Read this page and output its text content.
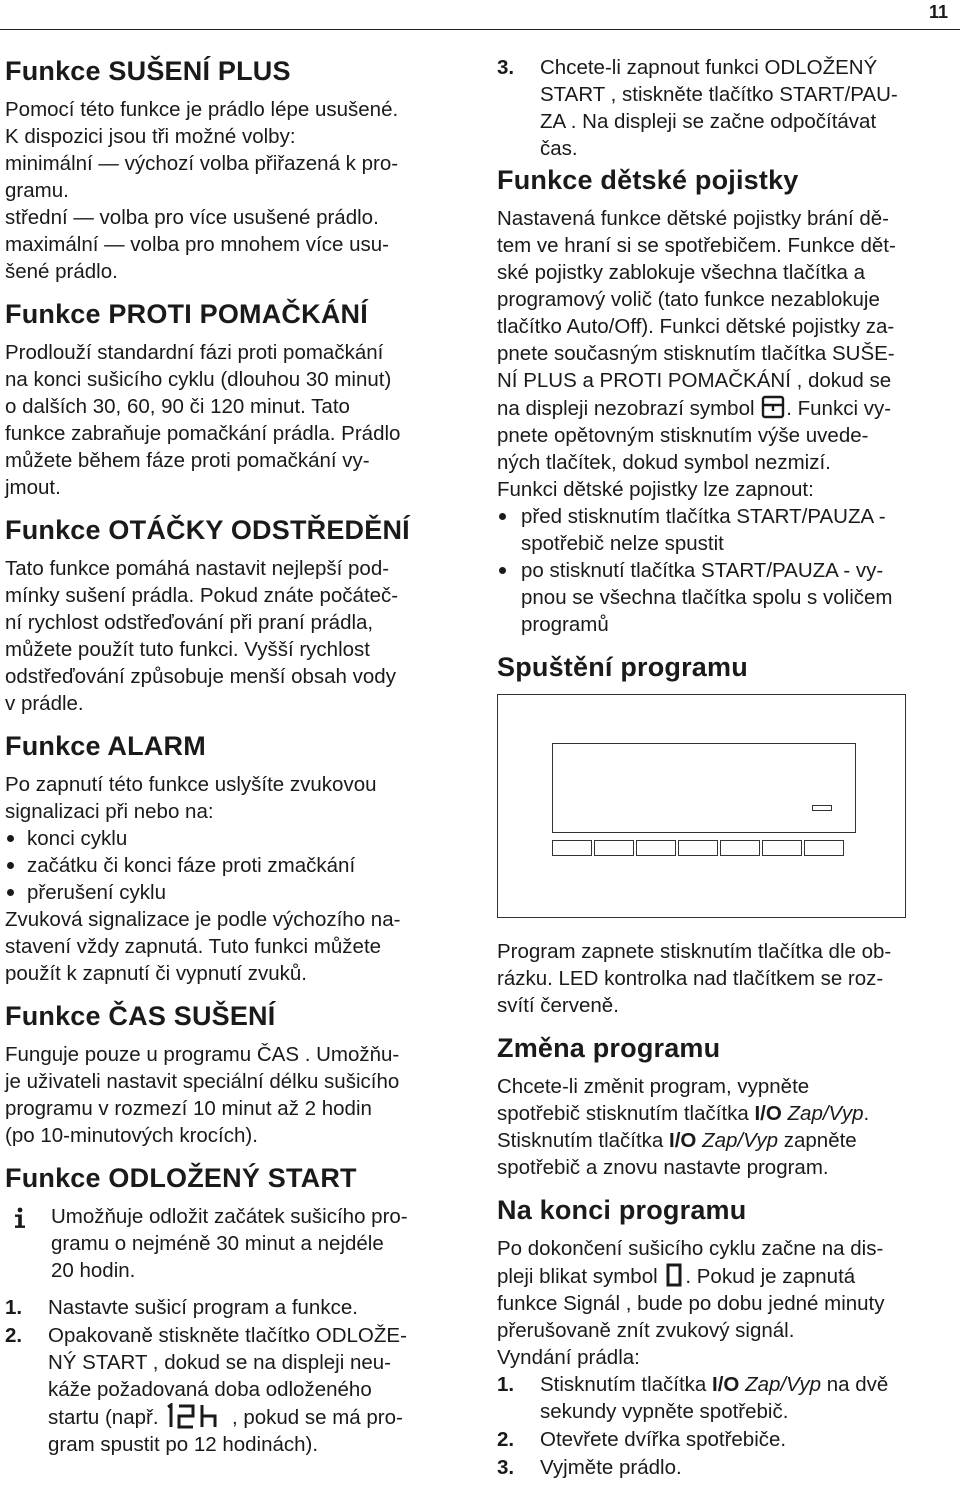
11
Funkce SUŠENÍ PLUS

Pomocí této funkce je prádlo lépe usušené.

K dispozici jsou tři možné volby:

minimální — výchozí volba přiřazená k pro-

gramu.

střední — volba pro více usušené prádlo.

maximální — volba pro mnohem více usu-

šené prádlo.

Funkce PROTI POMAČKÁNÍ

Prodlouží standardní fázi proti pomačkání

na konci sušicího cyklu (dlouhou 30 minut)

o dalších 30, 60, 90 či 120 minut. Tato

funkce zabraňuje pomačkání prádla. Prádlo

můžete během fáze proti pomačkání vy-

jmout.

Funkce OTÁČKY ODSTŘEDĚNÍ

Tato funkce pomáhá nastavit nejlepší pod-

mínky sušení prádla. Pokud znáte počáteč-

ní rychlost odstřeďování při praní prádla,

můžete použít tuto funkci. Vyšší rychlost

odstřeďování způsobuje menší obsah vody

v prádle.

Funkce ALARM

Po zapnutí této funkce uslyšíte zvukovou

signalizaci při nebo na:

konci cyklu
začátku či konci fáze proti zmačkání
přerušení cyklu

Zvuková signalizace je podle výchozího na-

stavení vždy zapnutá. Tuto funkci můžete

použít k zapnutí či vypnutí zvuků.

Funkce ČAS SUŠENÍ

Funguje pouze u programu ČAS . Umožňu-

je uživateli nastavit speciální délku sušicího

programu v rozmezí 10 minut až 2 hodin

(po 10-minutových krocích).

Funkce ODLOŽENÝ START

Umožňuje odložit začátek sušicího pro-

gramu o nejméně 30 minut a nejdéle

20 hodin.

1. Nastavte sušicí program a funkce.
2. Opakovaně stiskněte tlačítko ODLOŽE-
NÝ START , dokud se na displeji neu-
káže požadovaná doba odloženého
startu (např.	, pokud se má pro-
gram spustit po 12 hodinách).
3. Chcete-li zapnout funkci ODLOŽENÝ
START , stiskněte tlačítko START/PAU-
ZA . Na displeji se začne odpočítávat
čas.
Funkce dětské pojistky

Nastavená funkce dětské pojistky brání dě-

tem ve hraní si se spotřebičem. Funkce dět-

ské pojistky zablokuje všechna tlačítka a

programový volič (tato funkce nezablokuje

tlačítko Auto/Off). Funkci dětské pojistky za-

pnete současným stisknutím tlačítka SUŠE-

NÍ PLUS a PROTI POMAČKÁNÍ , dokud se

na displeji nezobrazí symbol . Funkci vy-

pnete opětovným stisknutím výše uvede-

ných tlačítek, dokud symbol nezmizí.

Funkci dětské pojistky lze zapnout:

před stisknutím tlačítka START/PAUZA -
spotřebič nelze spustit
po stisknutí tlačítka START/PAUZA - vy-
pnou se všechna tlačítka spolu s voličem
programů
Spuštění programu

Program zapnete stisknutím tlačítka dle ob-

rázku. LED kontrolka nad tlačítkem se roz-

svítí červeně.

Změna programu

Chcete-li změnit program, vypněte

spotřebič stisknutím tlačítka I/O Zap/Vyp.

Stisknutím tlačítka I/O Zap/Vyp zapněte

spotřebič a znovu nastavte program.

Na konci programu

Po dokončení sušicího cyklu začne na dis-

pleji blikat symbol . Pokud je zapnutá

funkce Signál , bude po dobu jedné minuty

přerušovaně znít zvukový signál.

Vyndání prádla:

1. Stisknutím tlačítka I/O Zap/Vyp na dvě
sekundy vypněte spotřebič.
2. Otevřete dvířka spotřebiče.
3. Vyjměte prádlo.
